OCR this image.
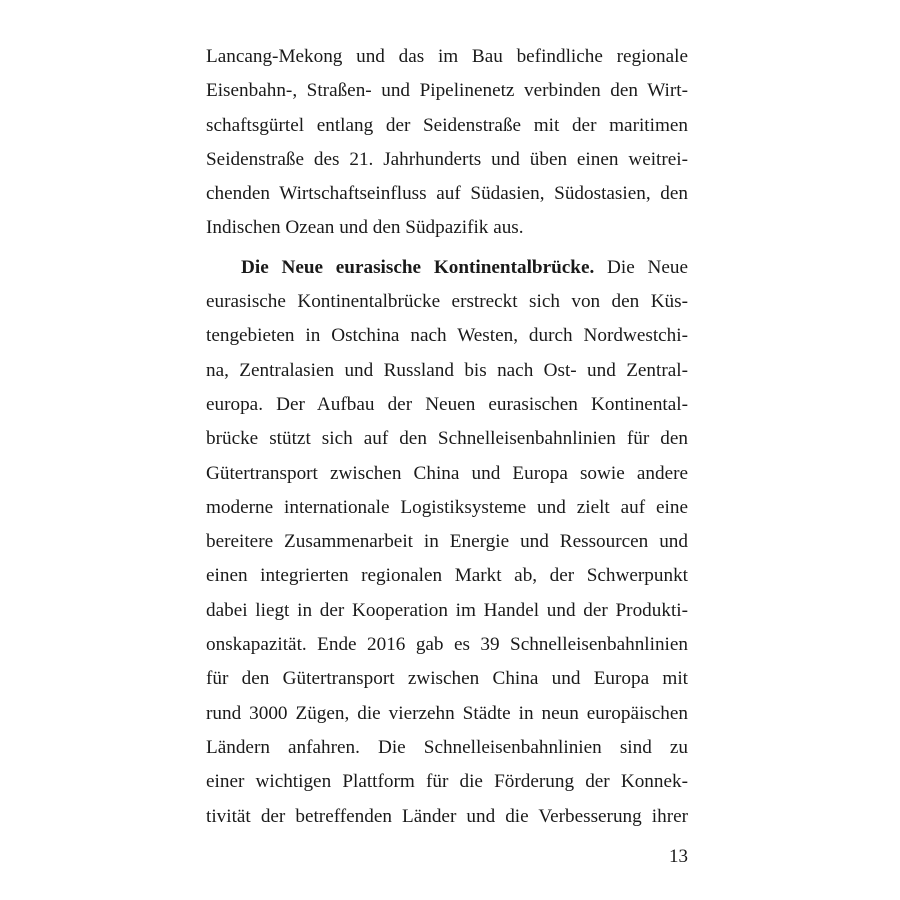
Lancang-Mekong und das im Bau befindliche regionale
Eisenbahn-, Straßen- und Pipelinenetz verbinden den Wirt-
schaftsgürtel entlang der Seidenstraße mit der maritimen
Seidenstraße des 21. Jahrhunderts und üben einen weitrei-
chenden Wirtschaftseinfluss auf Südasien, Südostasien, den
Indischen Ozean und den Südpazifik aus.
Die Neue eurasische Kontinentalbrücke. Die Neue
eurasische Kontinentalbrücke erstreckt sich von den Küs-
tengebieten in Ostchina nach Westen, durch Nordwestchi-
na, Zentralasien und Russland bis nach Ost- und Zentral-
europa. Der Aufbau der Neuen eurasischen Kontinental-
brücke stützt sich auf den Schnelleisenbahnlinien für den
Gütertransport zwischen China und Europa sowie andere
moderne internationale Logistiksysteme und zielt auf eine
bereitere Zusammenarbeit in Energie und Ressourcen und
einen integrierten regionalen Markt ab, der Schwerpunkt
dabei liegt in der Kooperation im Handel und der Produkti-
onskapazität. Ende 2016 gab es 39 Schnelleisenbahnlinien
für den Gütertransport zwischen China und Europa mit
rund 3000 Zügen, die vierzehn Städte in neun europäischen
Ländern anfahren. Die Schnelleisenbahnlinien sind zu
einer wichtigen Plattform für die Förderung der Konnek-
tivität der betreffenden Länder und die Verbesserung ihrer
13
